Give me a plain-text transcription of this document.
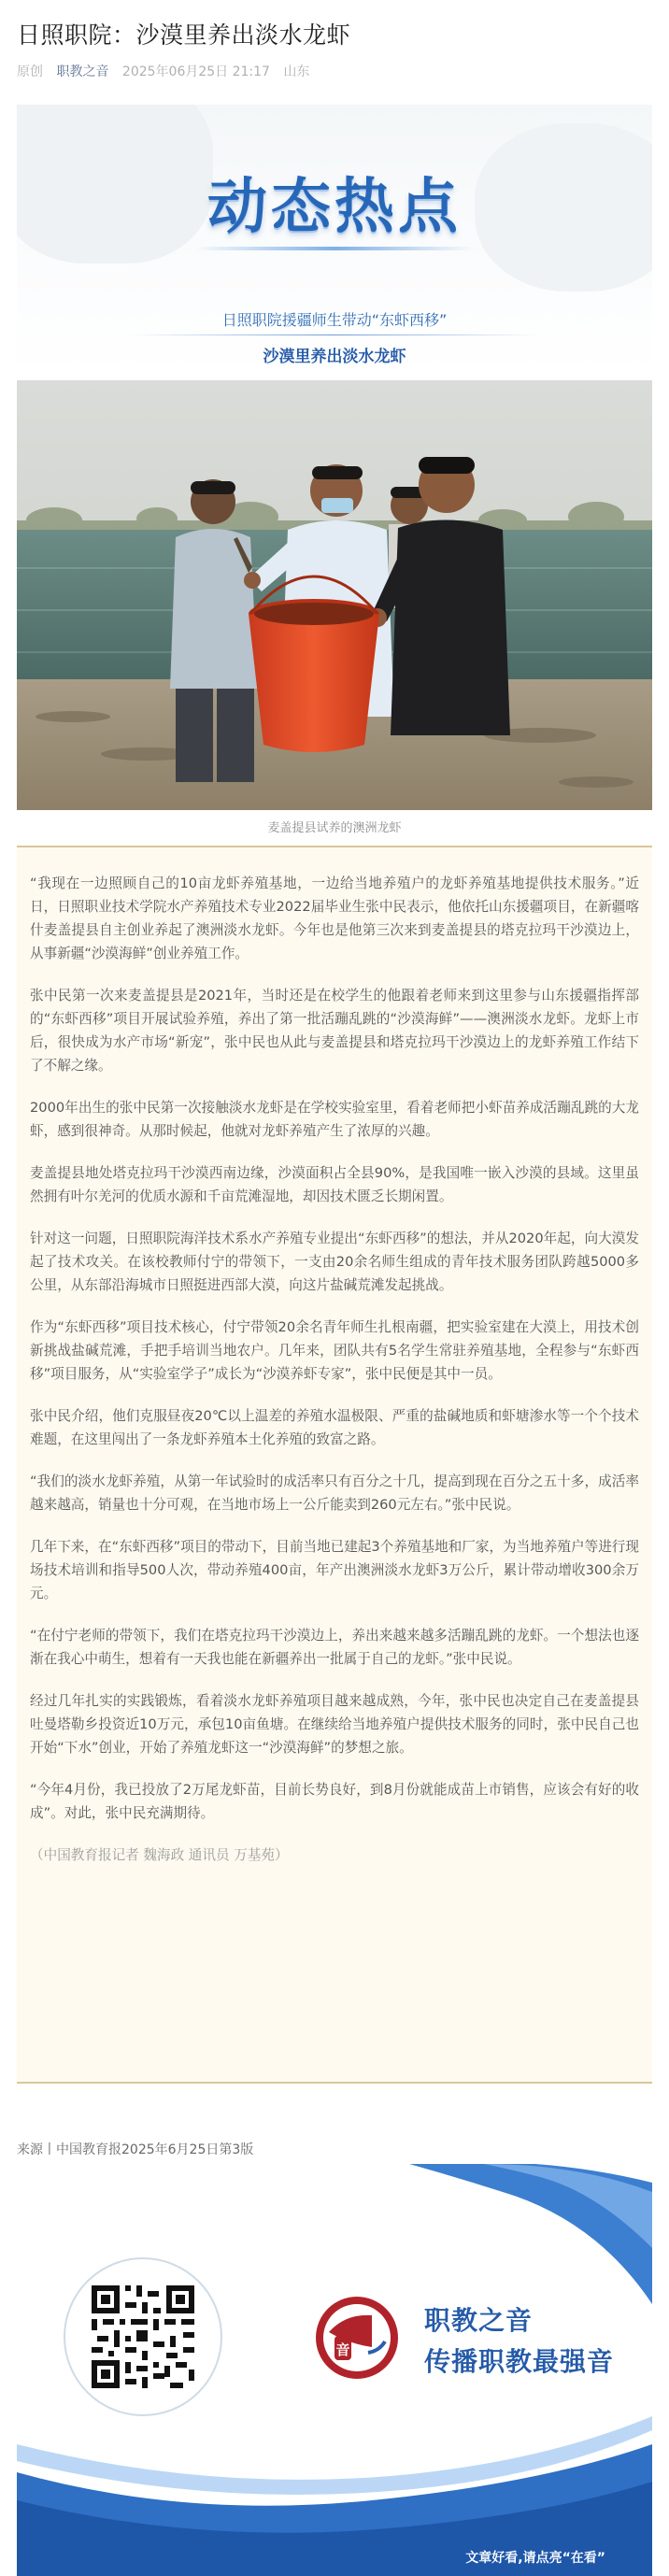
日照职院：沙漠里养出淡水龙虾
原创 职教之音 2025年06月25日 21:17 山东
动态热点
日照职院援疆师生带动“东虾西移”
沙漠里养出淡水龙虾
麦盖提县试养的澳洲龙虾

“我现在一边照顾自己的10亩龙虾养殖基地，一边给当地养殖户的龙虾养殖基地提供技术服务。”近日，日照职业技术学院水产养殖技术专业2022届毕业生张中民表示，他依托山东援疆项目，在新疆喀什麦盖提县自主创业养起了澳洲淡水龙虾。今年也是他第三次来到麦盖提县的塔克拉玛干沙漠边上，从事新疆“沙漠海鲜”创业养殖工作。

张中民第一次来麦盖提县是2021年，当时还是在校学生的他跟着老师来到这里参与山东援疆指挥部的“东虾西移”项目开展试验养殖，养出了第一批活蹦乱跳的“沙漠海鲜”——澳洲淡水龙虾。龙虾上市后，很快成为水产市场“新宠”，张中民也从此与麦盖提县和塔克拉玛干沙漠边上的龙虾养殖工作结下了不解之缘。

2000年出生的张中民第一次接触淡水龙虾是在学校实验室里，看着老师把小虾苗养成活蹦乱跳的大龙虾，感到很神奇。从那时候起，他就对龙虾养殖产生了浓厚的兴趣。

麦盖提县地处塔克拉玛干沙漠西南边缘，沙漠面积占全县90%，是我国唯一嵌入沙漠的县域。这里虽然拥有叶尔羌河的优质水源和千亩荒滩湿地，却因技术匮乏长期闲置。

针对这一问题，日照职院海洋技术系水产养殖专业提出“东虾西移”的想法，并从2020年起，向大漠发起了技术攻关。在该校教师付宁的带领下，一支由20余名师生组成的青年技术服务团队跨越5000多公里，从东部沿海城市日照挺进西部大漠，向这片盐碱荒滩发起挑战。

作为“东虾西移”项目技术核心，付宁带领20余名青年师生扎根南疆，把实验室建在大漠上，用技术创新挑战盐碱荒滩，手把手培训当地农户。几年来，团队共有5名学生常驻养殖基地，全程参与“东虾西移”项目服务，从“实验室学子”成长为“沙漠养虾专家”，张中民便是其中一员。

张中民介绍，他们克服昼夜20℃以上温差的养殖水温极限、严重的盐碱地质和虾塘渗水等一个个技术难题，在这里闯出了一条龙虾养殖本土化养殖的致富之路。

“我们的淡水龙虾养殖，从第一年试验时的成活率只有百分之十几，提高到现在百分之五十多，成活率越来越高，销量也十分可观，在当地市场上一公斤能卖到260元左右。”张中民说。

几年下来，在“东虾西移”项目的带动下，目前当地已建起3个养殖基地和厂家，为当地养殖户等进行现场技术培训和指导500人次，带动养殖400亩，年产出澳洲淡水龙虾3万公斤，累计带动增收300余万元。

“在付宁老师的带领下，我们在塔克拉玛干沙漠边上，养出来越来越多活蹦乱跳的龙虾。一个想法也逐渐在我心中萌生，想着有一天我也能在新疆养出一批属于自己的龙虾。”张中民说。

经过几年扎实的实践锻炼，看着淡水龙虾养殖项目越来越成熟，今年，张中民也决定自己在麦盖提县吐曼塔勒乡投资近10万元，承包10亩鱼塘。在继续给当地养殖户提供技术服务的同时，张中民自己也开始“下水”创业，开始了养殖龙虾这一“沙漠海鲜”的梦想之旅。

“今年4月份，我已投放了2万尾龙虾苗，目前长势良好，到8月份就能成苗上市销售，应该会有好的收成”。对此，张中民充满期待。

（中国教育报记者 魏海政 通讯员 万基苑）

来源丨中国教育报2025年6月25日第3版
音
职教之音
传播职教最强音
文章好看,请点亮“在看”
